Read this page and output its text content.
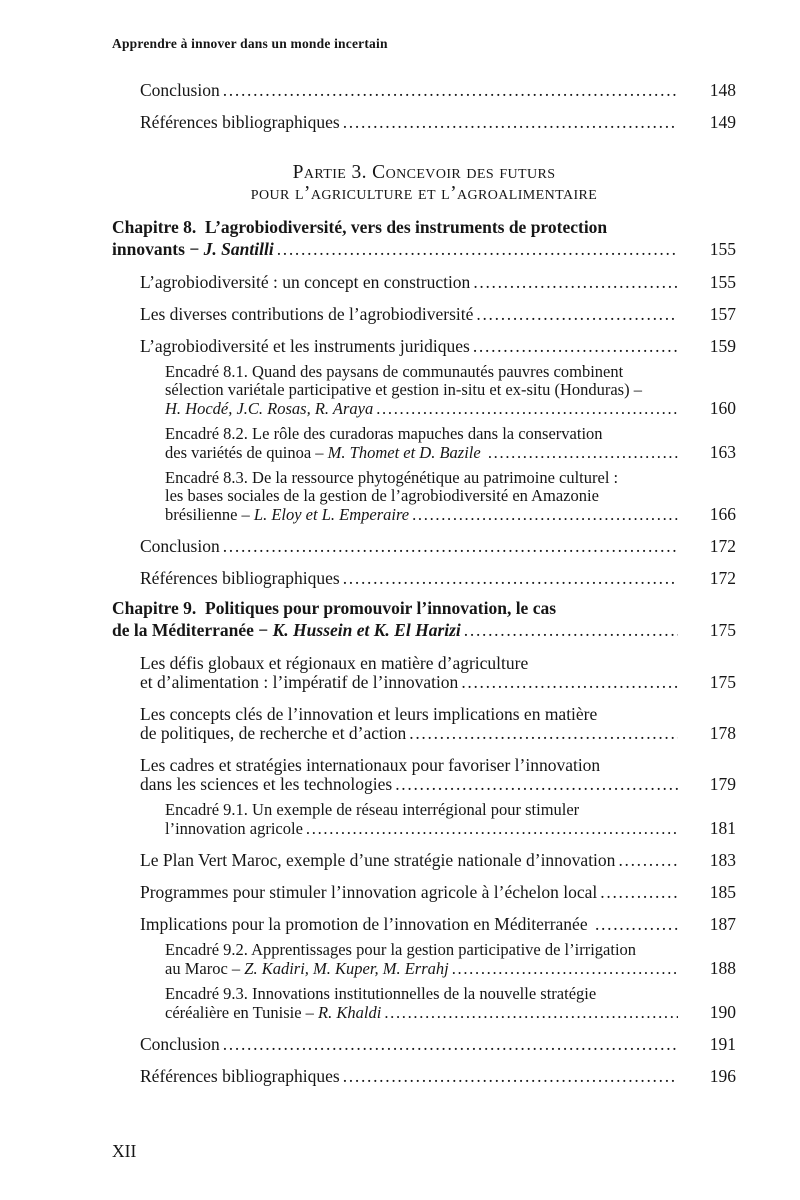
Apprendre à innover dans un monde incertain
Conclusion .....	148
Références bibliographiques .....	149
Partie 3. Concevoir des futurs
pour l’agriculture et l’agroalimentaire
Chapitre 8.  L’agrobiodiversité, vers des instruments de protection
innovants − J. Santilli .....	155
L’agrobiodiversité : un concept en construction .....	155
Les diverses contributions de l’agrobiodiversité .....	157
L’agrobiodiversité et les instruments juridiques .....	159
Encadré 8.1. Quand des paysans de communautés pauvres combinent
sélection variétale participative et gestion in-situ et ex-situ (Honduras) –
H. Hocdé, J.C. Rosas, R. Araya .....	160
Encadré 8.2. Le rôle des curadoras mapuches dans la conservation
des variétés de quinoa – M. Thomet et D. Bazile .....	163
Encadré 8.3. De la ressource phytogénétique au patrimoine culturel :
les bases sociales de la gestion de l’agrobiodiversité en Amazonie
brésilienne – L. Eloy et L. Emperaire .....	166
Conclusion .....	172
Références bibliographiques .....	172
Chapitre 9.  Politiques pour promouvoir l’innovation, le cas
de la Méditerranée − K. Hussein et K. El Harizi .....	175
Les défis globaux et régionaux en matière d’agriculture
et d’alimentation : l’impératif de l’innovation .....	175
Les concepts clés de l’innovation et leurs implications en matière
de politiques, de recherche et d’action .....	178
Les cadres et stratégies internationaux pour favoriser l’innovation
dans les sciences et les technologies .....	179
Encadré 9.1. Un exemple de réseau interrégional pour stimuler
l’innovation agricole .....	181
Le Plan Vert Maroc, exemple d’une stratégie nationale d’innovation .....	183
Programmes pour stimuler l’innovation agricole à l’échelon local .....	185
Implications pour la promotion de l’innovation en Méditerranée .....	187
Encadré 9.2. Apprentissages pour la gestion participative de l’irrigation
au Maroc – Z. Kadiri, M. Kuper, M. Errahj .....	188
Encadré 9.3. Innovations institutionnelles de la nouvelle stratégie
céréalière en Tunisie – R. Khaldi .....	190
Conclusion .....	191
Références bibliographiques .....	196
XII
